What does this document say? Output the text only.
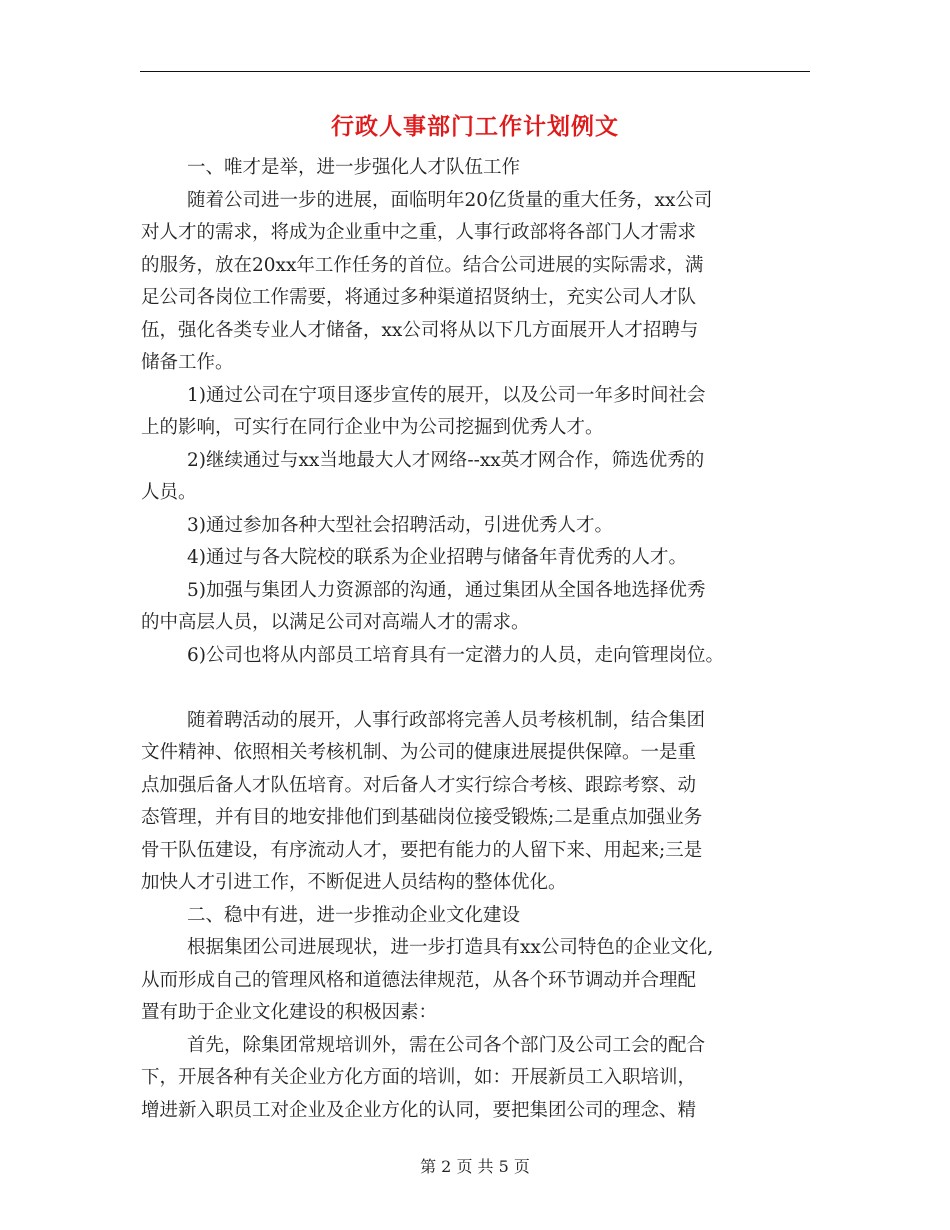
行政人事部门工作计划例文

一、唯才是举，进一步强化人才队伍工作

随着公司进一步的进展，面临明年20亿货量的重大任务，xx公司

对人才的需求，将成为企业重中之重，人事行政部将各部门人才需求

的服务，放在20xx年工作任务的首位。结合公司进展的实际需求，满

足公司各岗位工作需要，将通过多种渠道招贤纳士，充实公司人才队

伍，强化各类专业人才储备，xx公司将从以下几方面展开人才招聘与

储备工作。

1)通过公司在宁项目逐步宣传的展开，以及公司一年多时间社会

上的影响，可实行在同行企业中为公司挖掘到优秀人才。

2)继续通过与xx当地最大人才网络--xx英才网合作，筛选优秀的

人员。

3)通过参加各种大型社会招聘活动，引进优秀人才。

4)通过与各大院校的联系为企业招聘与储备年青优秀的人才。

5)加强与集团人力资源部的沟通，通过集团从全国各地选择优秀

的中高层人员，以满足公司对高端人才的需求。

6)公司也将从内部员工培育具有一定潜力的人员，走向管理岗位。

随着聘活动的展开，人事行政部将完善人员考核机制，结合集团

文件精神、依照相关考核机制、为公司的健康进展提供保障。一是重

点加强后备人才队伍培育。对后备人才实行综合考核、跟踪考察、动

态管理，并有目的地安排他们到基础岗位接受锻炼;二是重点加强业务

骨干队伍建设，有序流动人才，要把有能力的人留下来、用起来;三是

加快人才引进工作，不断促进人员结构的整体优化。

二、稳中有进，进一步推动企业文化建设

根据集团公司进展现状，进一步打造具有xx公司特色的企业文化,

从而形成自己的管理风格和道德法律规范，从各个环节调动并合理配

置有助于企业文化建设的积极因素：

首先，除集团常规培训外，需在公司各个部门及公司工会的配合

下，开展各种有关企业方化方面的培训，如：开展新员工入职培训，

增进新入职员工对企业及企业方化的认同，要把集团公司的理念、精

第 2 页 共 5 页
